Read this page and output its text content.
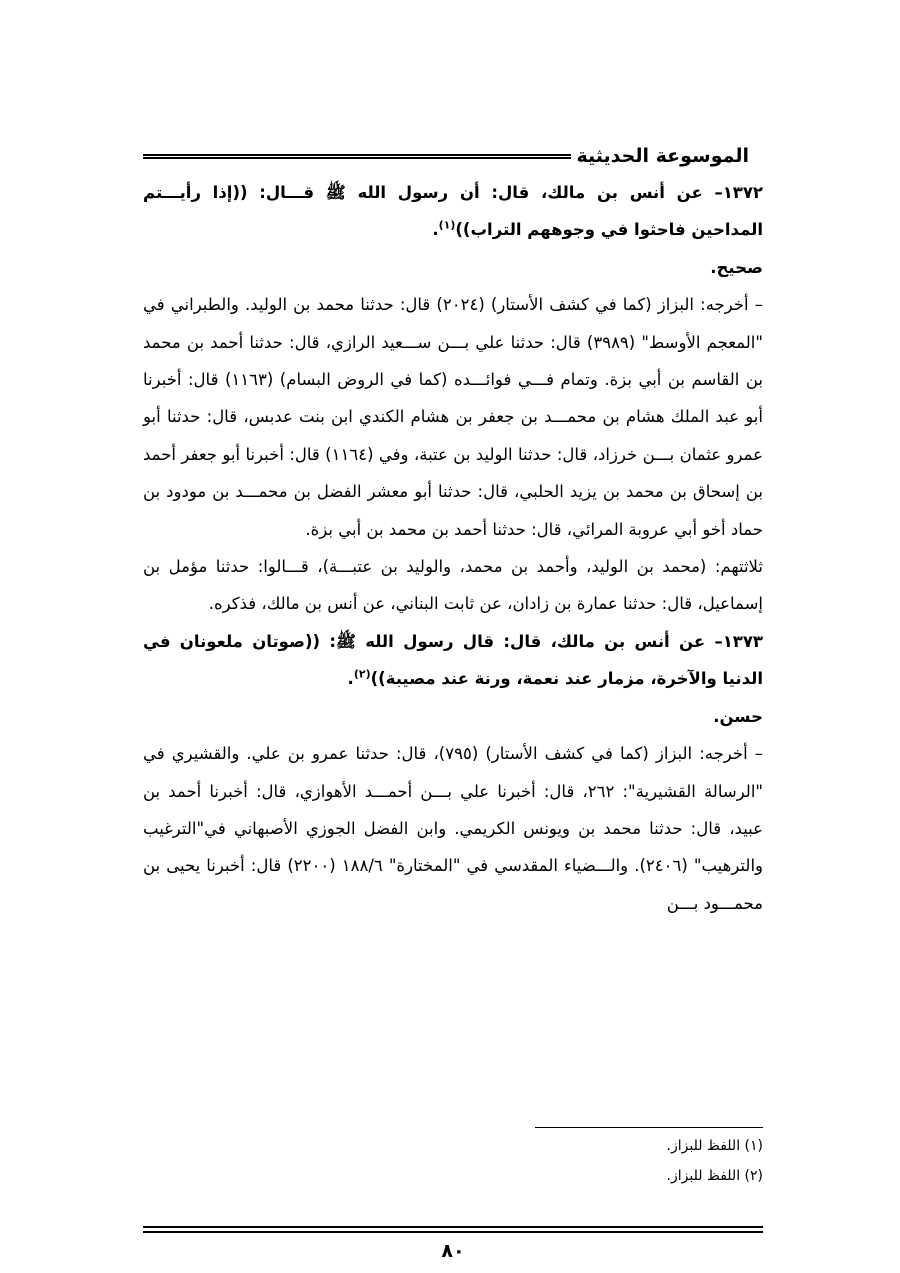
الموسوعة الحديثية

١٣٧٢– عن أنس بن مالك، قال: أن رسول الله ﷺ قـــال: ((إذا رأيـــتم المداحين فاحثوا في وجوههم التراب))$^{(١)}$.

صحيح.

– أخرجه: البزاز (كما في كشف الأستار) (٢٠٢٤) قال: حدثنا محمد بن الوليد. والطبراني في "المعجم الأوسط" (٣٩٨٩) قال: حدثنا علي بـــن ســـعيد الرازي، قال: حدثنا أحمد بن محمد بن القاسم بن أبي بزة. وتمام فـــي فوائـــده (كما في الروض البسام) (١١٦٣) قال: أخبرنا أبو عبد الملك هشام بن محمـــد بن جعفر بن هشام الكندي ابن بنت عدبس، قال: حدثنا أبو عمرو عثمان بـــن خرزاد، قال: حدثنا الوليد بن عتبة، وفي (١١٦٤) قال: أخبرنا أبو جعفر أحمد بن إسحاق بن محمد بن يزيد الحلبي، قال: حدثنا أبو معشر الفضل بن محمـــد بن مودود بن حماد أخو أبي عروبة المرائي، قال: حدثنا أحمد بن محمد بن أبي بزة.

ثلاثتهم: (محمد بن الوليد، وأحمد بن محمد، والوليد بن عتبـــة)، قـــالوا: حدثنا مؤمل بن إسماعيل، قال: حدثنا عمارة بن زادان، عن ثابت البناني، عن أنس بن مالك، فذكره.

١٣٧٣– عن أنس بن مالك، قال: قال رسول الله ﷺ: ((صوتان ملعونان في الدنيا والآخرة، مزمار عند نعمة، ورنة عند مصيبة))$^{(٢)}$.

حسن.

– أخرجه: البزاز (كما في كشف الأستار) (٧٩٥)، قال: حدثنا عمرو بن علي. والقشيري في "الرسالة القشيرية": ٢٦٢، قال: أخبرنا علي بـــن أحمـــد الأهوازي، قال: أخبرنا أحمد بن عبيد، قال: حدثنا محمد بن ويونس الكريمي. وابن الفضل الجوزي الأصبهاني في"الترغيب والترهيب" (٢٤٠٦). والـــضياء المقدسي في "المختارة" ١٨٨/٦ (٢٢٠٠) قال: أخبرنا يحيى بن محمـــود بـــن

(١) اللفظ للبزاز.
(٢) اللفظ للبزاز.
٨٠
